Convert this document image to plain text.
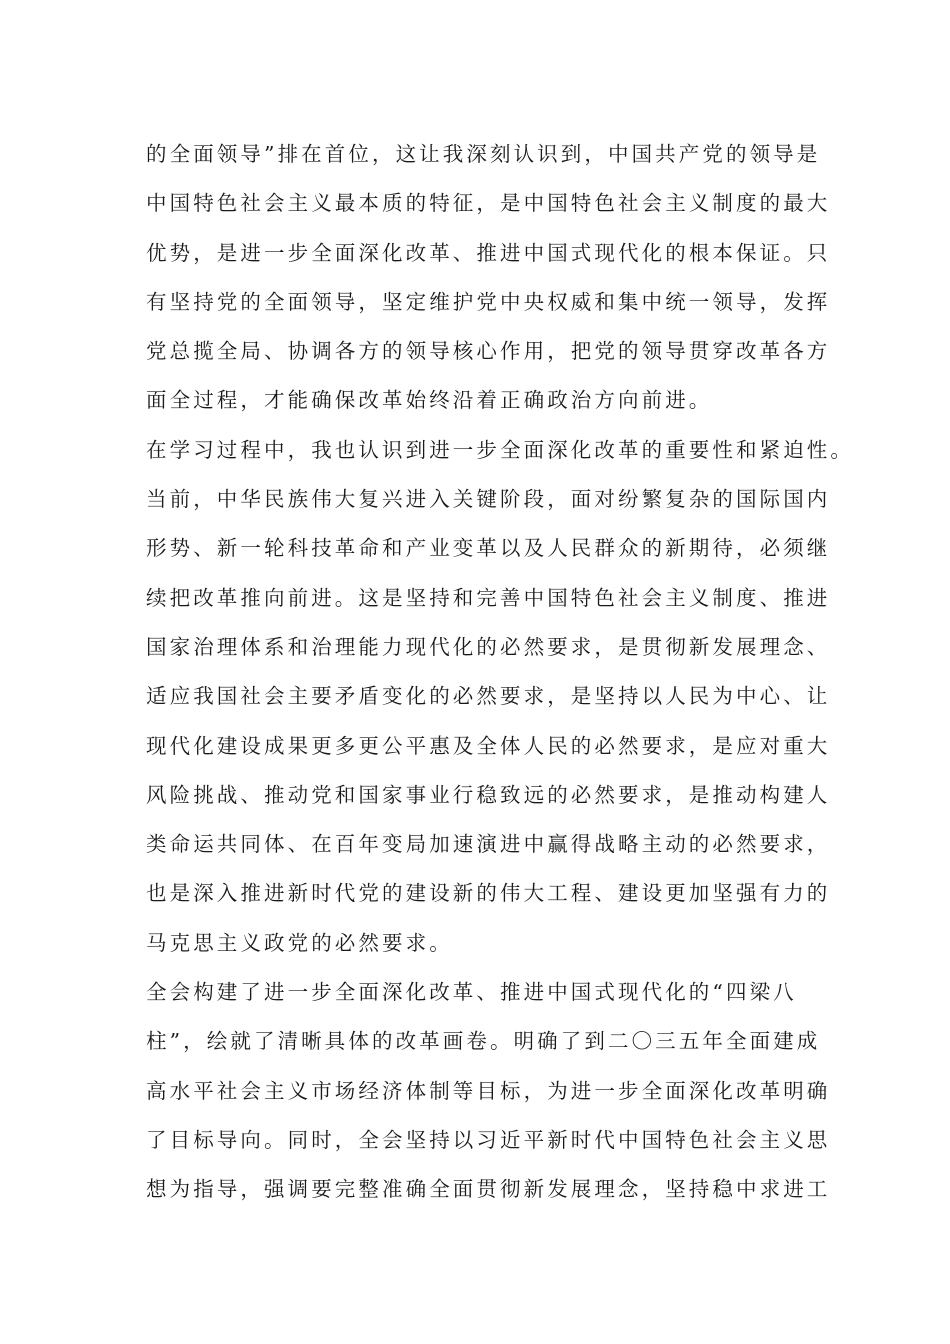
的全面领导”排在首位，这让我深刻认识到，中国共产党的领导是
中国特色社会主义最本质的特征，是中国特色社会主义制度的最大
优势，是进一步全面深化改革、推进中国式现代化的根本保证。只
有坚持党的全面领导，坚定维护党中央权威和集中统一领导，发挥
党总揽全局、协调各方的领导核心作用，把党的领导贯穿改革各方
面全过程，才能确保改革始终沿着正确政治方向前进。
在学习过程中，我也认识到进一步全面深化改革的重要性和紧迫性。
当前，中华民族伟大复兴进入关键阶段，面对纷繁复杂的国际国内
形势、新一轮科技革命和产业变革以及人民群众的新期待，必须继
续把改革推向前进。这是坚持和完善中国特色社会主义制度、推进
国家治理体系和治理能力现代化的必然要求，是贯彻新发展理念、
适应我国社会主要矛盾变化的必然要求，是坚持以人民为中心、让
现代化建设成果更多更公平惠及全体人民的必然要求，是应对重大
风险挑战、推动党和国家事业行稳致远的必然要求，是推动构建人
类命运共同体、在百年变局加速演进中赢得战略主动的必然要求，
也是深入推进新时代党的建设新的伟大工程、建设更加坚强有力的
马克思主义政党的必然要求。
全会构建了进一步全面深化改革、推进中国式现代化的“四梁八
柱”，绘就了清晰具体的改革画卷。明确了到二〇三五年全面建成
高水平社会主义市场经济体制等目标，为进一步全面深化改革明确
了目标导向。同时，全会坚持以习近平新时代中国特色社会主义思
想为指导，强调要完整准确全面贯彻新发展理念，坚持稳中求进工
